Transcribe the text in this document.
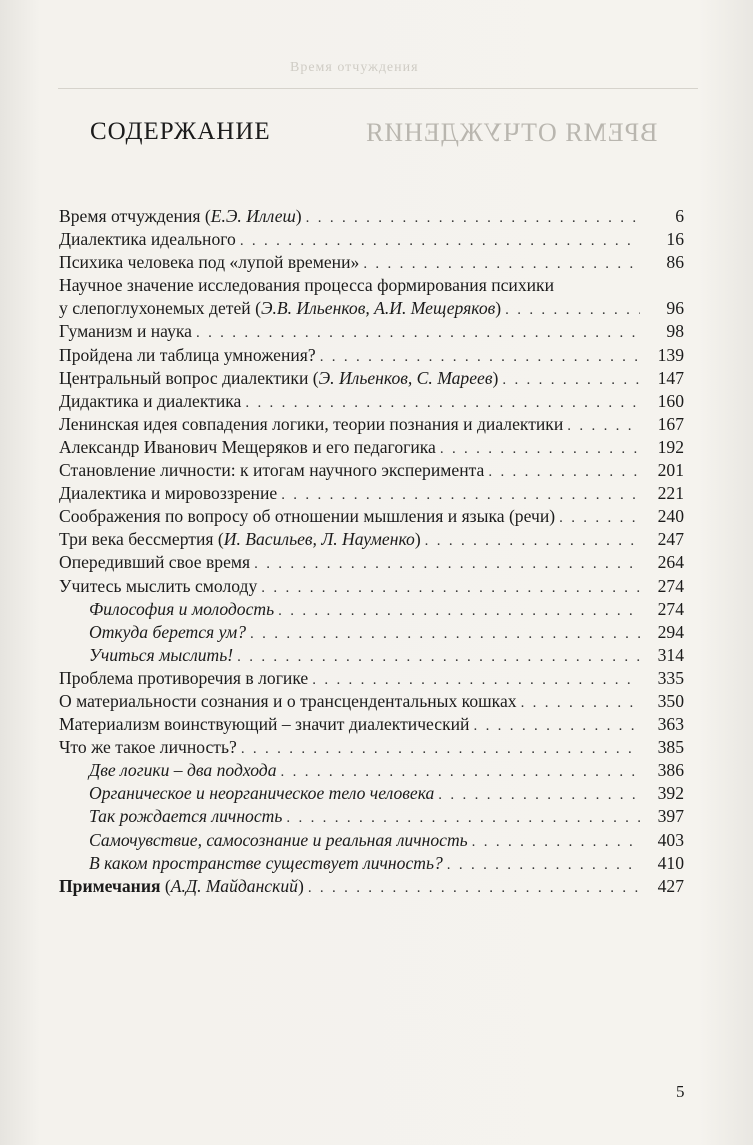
Время отчуждения
ВРЕМЯ ОТЧУЖДЕНИЯ
СОДЕРЖАНИЕ
Время отчуждения (Е.Э. Иллеш) . . .	6
Диалектика идеального . . .	16
Психика человека под «лупой времени» . . .	86
Научное значение исследования процесса формирования психики
у слепоглухонемых детей (Э.В. Ильенков, А.И. Мещеряков) . . .	96
Гуманизм и наука . . .	98
Пройдена ли таблица умножения? . . .	139
Центральный вопрос диалектики (Э. Ильенков, С. Мареев) . . .	147
Дидактика и диалектика . . .	160
Ленинская идея совпадения логики, теории познания и диалектики . . .	167
Александр Иванович Мещеряков и его педагогика . . .	192
Становление личности: к итогам научного эксперимента . . .	201
Диалектика и мировоззрение . . .	221
Соображения по вопросу об отношении мышления и языка (речи) . . .	240
Три века бессмертия (И. Васильев, Л. Науменко) . . .	247
Опередивший свое время . . .	264
Учитесь мыслить смолоду . . .	274
Философия и молодость . . .	274
Откуда берется ум? . . .	294
Учиться мыслить! . . .	314
Проблема противоречия в логике . . .	335
О материальности сознания и о трансцендентальных кошках . . .	350
Материализм воинствующий – значит диалектический . . .	363
Что же такое личность? . . .	385
Две логики – два подхода . . .	386
Органическое и неорганическое тело человека . . .	392
Так рождается личность . . .	397
Самочувствие, самосознание и реальная личность . . .	403
В каком пространстве существует личность? . . .	410
Примечания (А.Д. Майданский) . . .	427
5
